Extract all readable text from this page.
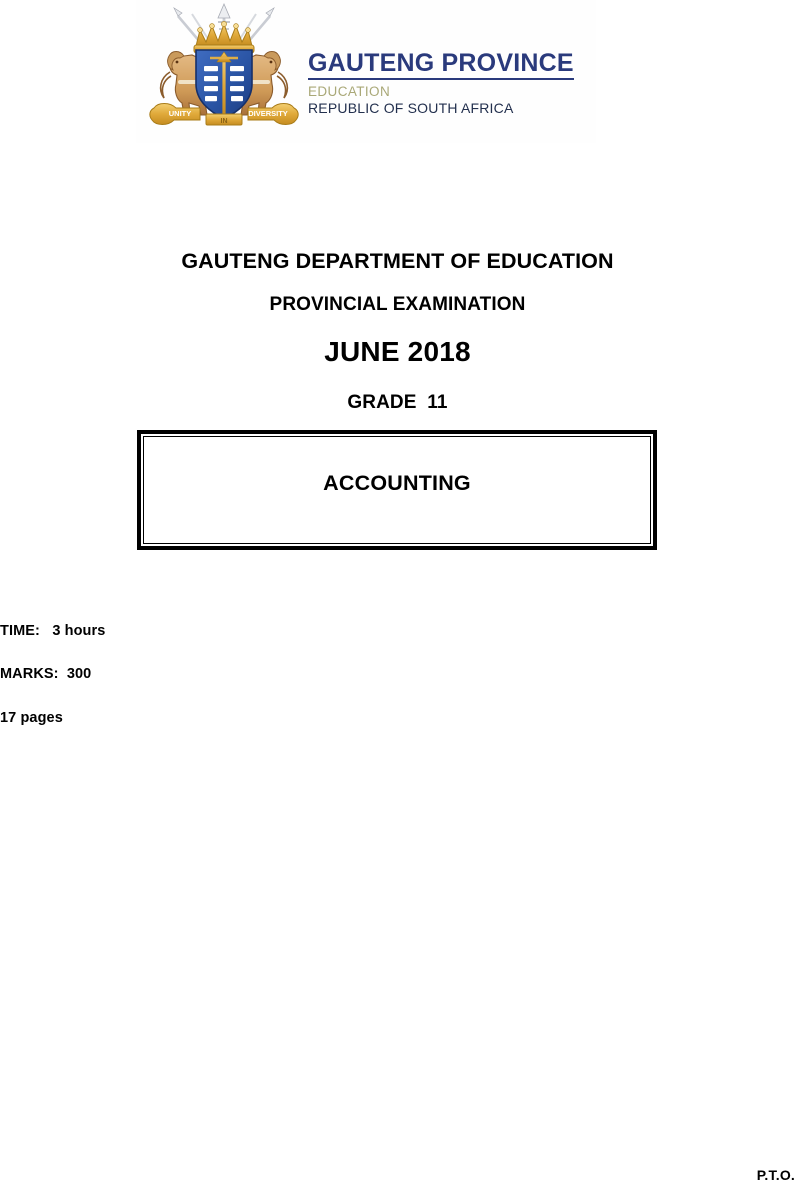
UNITY	DIVERSITY
IN
GAUTENG PROVINCE
EDUCATION
REPUBLIC OF SOUTH AFRICA
GAUTENG DEPARTMENT OF EDUCATION
PROVINCIAL EXAMINATION
JUNE 2018
GRADE  11
ACCOUNTING
TIME:   3 hours
MARKS:  300
17 pages
P.T.O.
